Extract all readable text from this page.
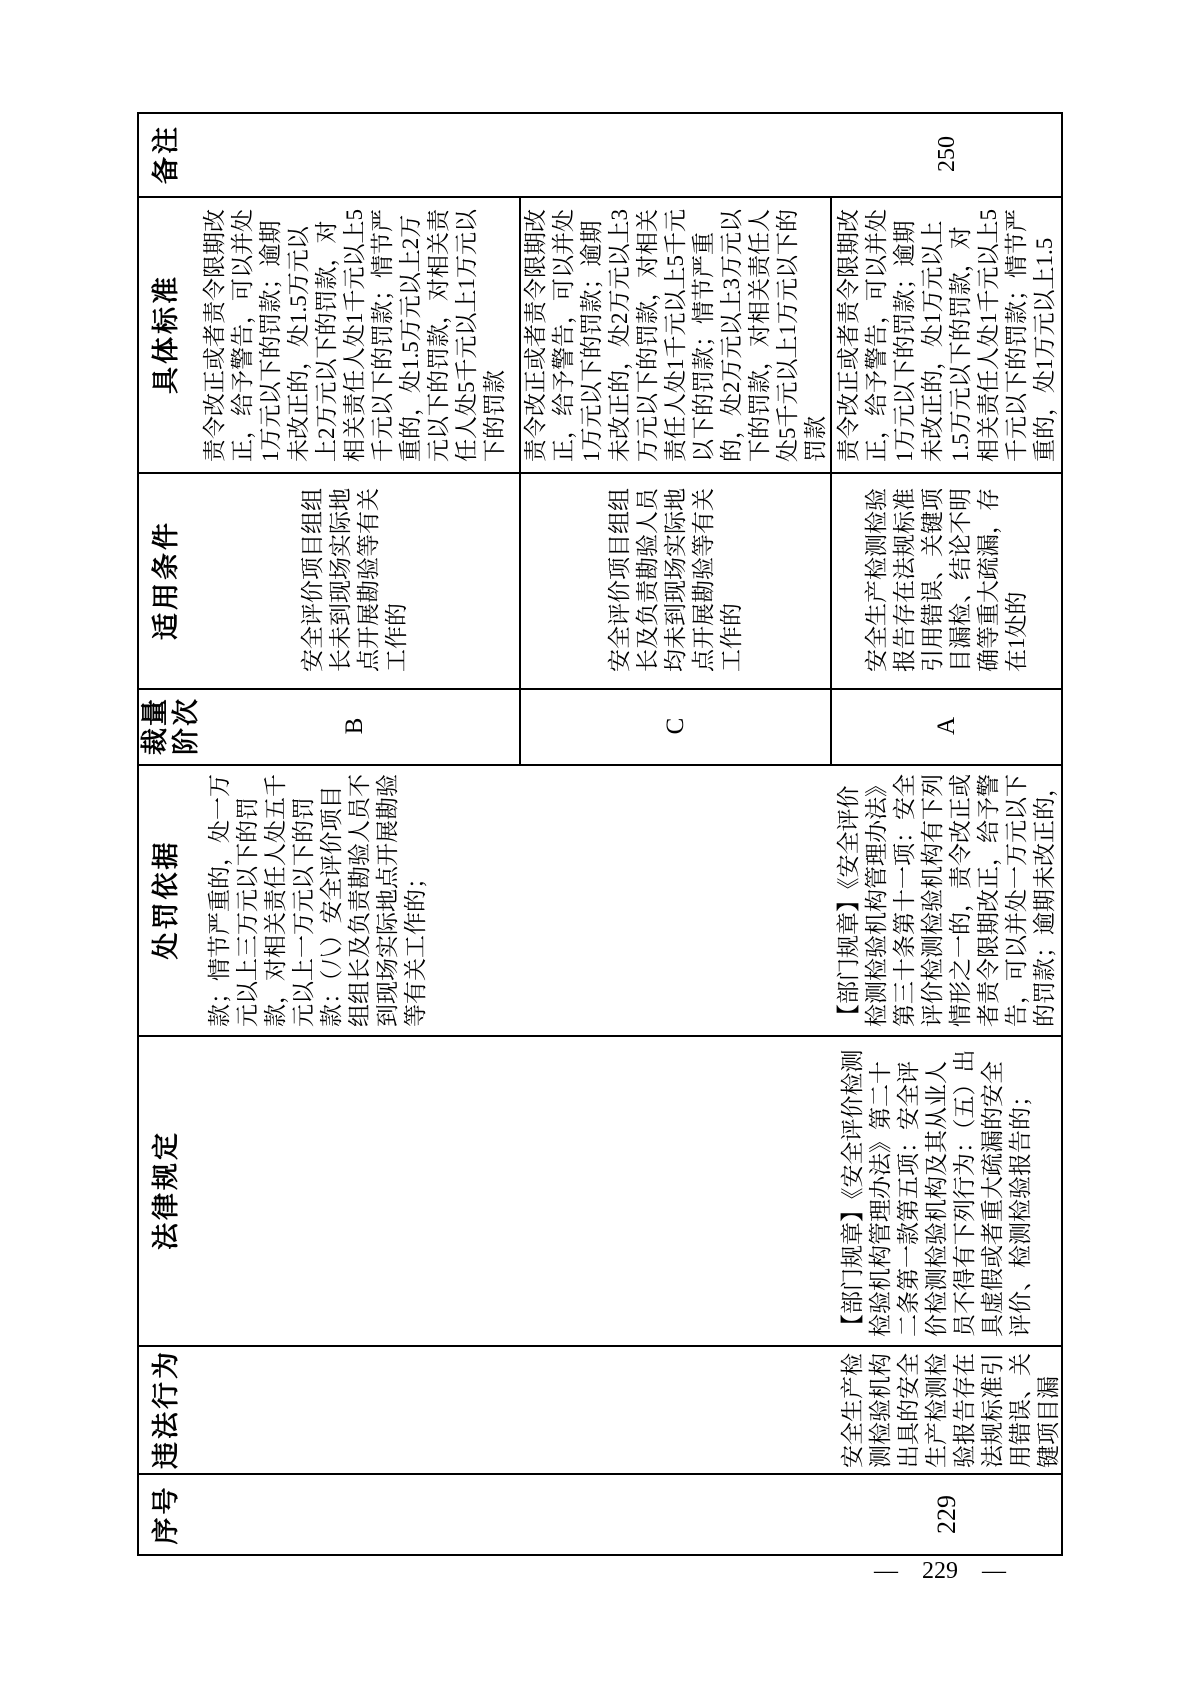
序号
违法行为
法律规定
处罚依据
裁量阶次
适用条件
具体标准
备注
款；情节严重的，处一万元以上三万元以下的罚款，对相关责任人处五千元以上一万元以下的罚款：（八）安全评价项目组组长及负责勘验人员不到现场实际地点开展勘验等有关工作的；
B
安全评价项目组组长未到现场实际地点开展勘验等有关工作的
责令改正或者责令限期改正，给予警告，可以并处1万元以下的罚款；逾期未改正的，处1.5万元以上2万元以下的罚款，对相关责任人处1千元以上5千元以下的罚款；情节严重的，处1.5万元以上2万元以下的罚款，对相关责任人处5千元以上1万元以下的罚款
C
安全评价项目组组长及负责勘验人员均未到现场实际地点开展勘验等有关工作的
责令改正或者责令限期改正，给予警告，可以并处1万元以下的罚款；逾期未改正的，处2万元以上3万元以下的罚款，对相关责任人处1千元以上5千元以下的罚款；情节严重的，处2万元以上3万元以下的罚款，对相关责任人处5千元以上1万元以下的罚款
229
安全生产检测检验机构出具的安全生产检测检验报告存在法规标准引用错误、关键项目漏
【部门规章】《安全评价检测检验机构管理办法》第二十二条第一款第五项：安全评价检测检验机构及其从业人员不得有下列行为：（五）出具虚假或者重大疏漏的安全评价、检测检验报告的；
【部门规章】《安全评价检测检验机构管理办法》第三十条第十一项：安全评价检测检验机构有下列情形之一的，责令改正或者责令限期改正，给予警告，可以并处一万元以下的罚款；逾期未改正的，
A
安全生产检测检验报告存在法规标准引用错误、关键项目漏检、结论不明确等重大疏漏，存在1处的
责令改正或者责令限期改正，给予警告，可以并处1万元以下的罚款；逾期未改正的，处1万元以上1.5万元以下的罚款，对相关责任人处1千元以上5千元以下的罚款；情节严重的，处1万元以上1.5
250
— 229 —
